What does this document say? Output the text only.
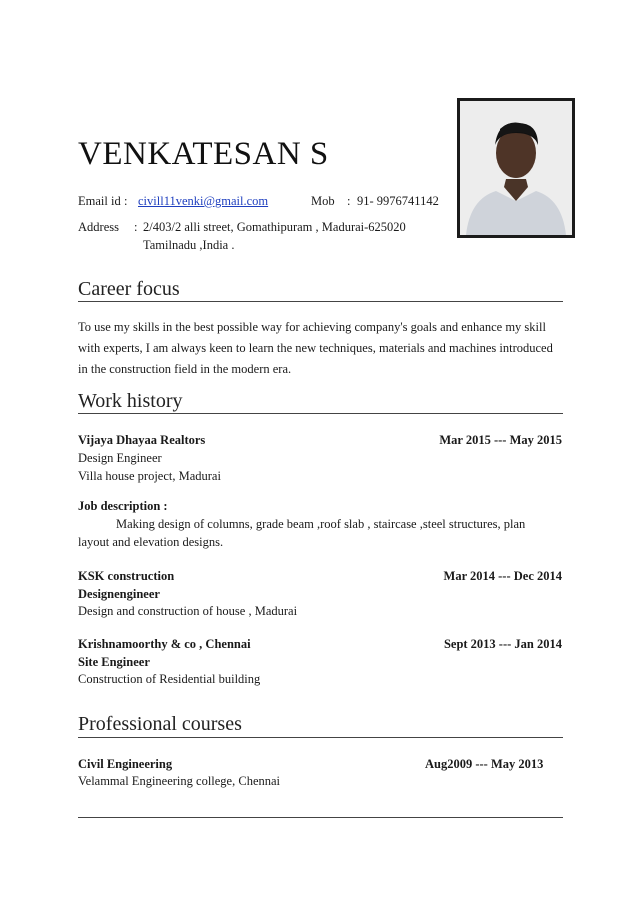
VENKATESAN S
Email id : civill11venki@gmail.com	Mob : 91- 9976741142
Address : 2/403/2 alli street, Gomathipuram , Madurai-625020
Tamilnadu ,India .
Career focus
To use my skills in the best possible way for achieving company's goals and enhance my skill with experts, I am always keen to learn the new techniques, materials and machines introduced in the construction field in the modern era.
Work history
Vijaya Dhayaa Realtors	Mar 2015 --- May 2015
Design Engineer
Villa house project, Madurai
Job description :
Making design of columns, grade beam ,roof slab , staircase ,steel structures, plan layout and elevation designs.
KSK construction	Mar 2014 --- Dec 2014
Designengineer
Design and construction of house , Madurai
Krishnamoorthy & co , Chennai	Sept 2013 --- Jan 2014
Site Engineer
Construction of Residential building
Professional courses
Civil Engineering	Aug2009 --- May 2013
Velammal Engineering college, Chennai
